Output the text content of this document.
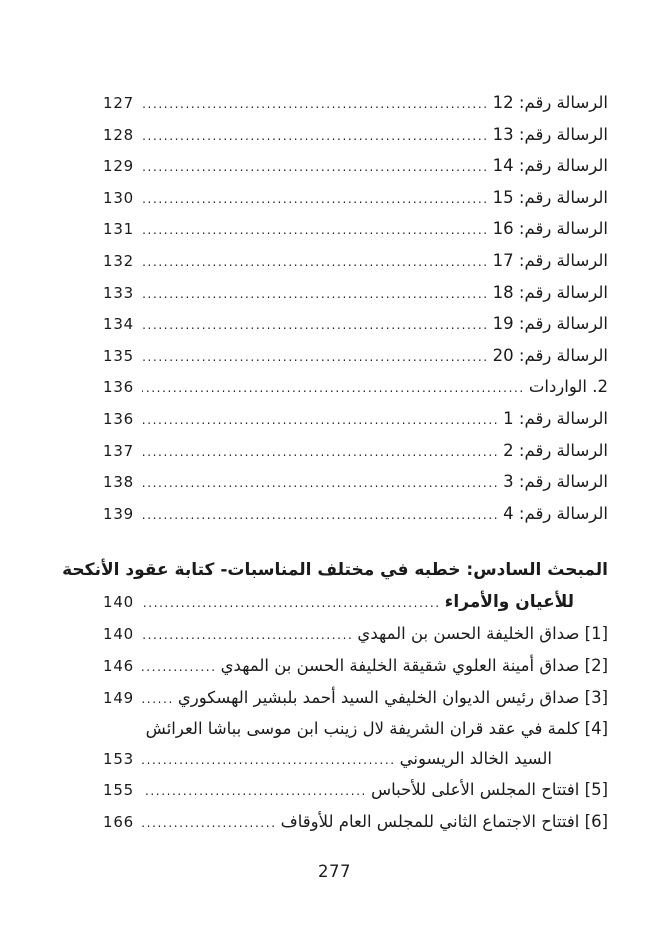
الرسالة رقم: 12
.....
127
الرسالة رقم: 13
.....
128
الرسالة رقم: 14
.....
129
الرسالة رقم: 15
.....
130
الرسالة رقم: 16
.....
131
الرسالة رقم: 17
.....
132
الرسالة رقم: 18
.....
133
الرسالة رقم: 19
.....
134
الرسالة رقم: 20
.....
135
2. الواردات
.....
136
الرسالة رقم: 1
.....
136
الرسالة رقم: 2
.....
137
الرسالة رقم: 3
.....
138
الرسالة رقم: 4
.....
139
المبحث السادس: خطبه في مختلف المناسبات- كتابة عقود الأنكحة
للأعيان والأمراء
.....
140
[1] صداق الخليفة الحسن بن المهدي
.....
140
[2] صداق أمينة العلوي شقيقة الخليفة الحسن بن المهدي
.....
146
[3] صداق رئيس الديوان الخليفي السيد أحمد بلبشير الهسكوري
.....
149
[4] كلمة في عقد قران الشريفة لال زينب ابن موسى بباشا العرائش
السيد الخالد الريسوني
.....
153
[5] افتتاح المجلس الأعلى للأحباس
.....
155
[6] افتتاح الاجتماع الثاني للمجلس العام للأوقاف
.....
166
277
